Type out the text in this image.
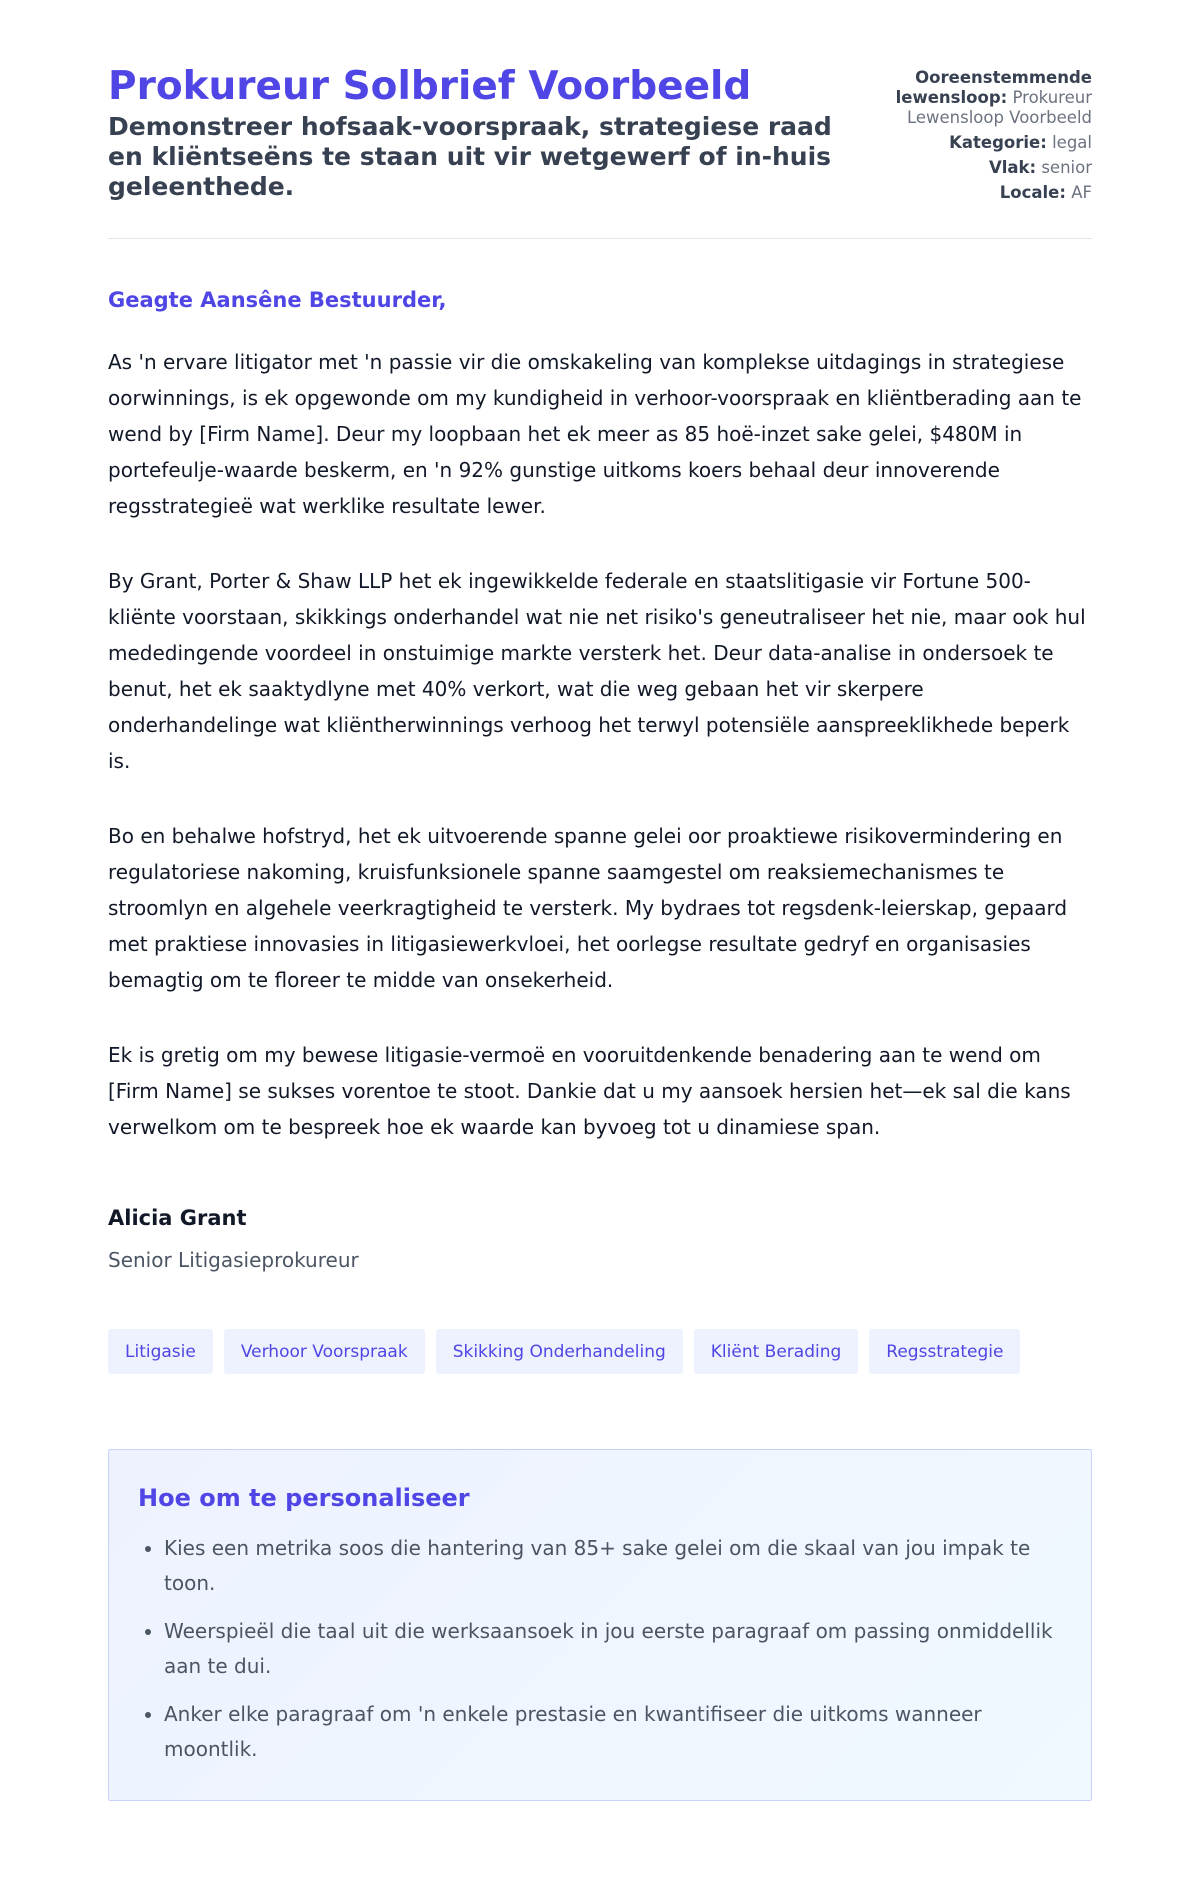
Prokureur Solbrief Voorbeeld
Demonstreer hofsaak-voorspraak, strategiese raad en kliëntseëns te staan uit vir wetgewerf of in-huis geleenthede.
Ooreenstemmende lewensloop: Prokureur Lewensloop Voorbeeld
Kategorie: legal
Vlak: senior
Locale: AF

Geagte Aansêne Bestuurder,

As 'n ervare litigator met 'n passie vir die omskakeling van komplekse uitdagings in strategiese oorwinnings, is ek opgewonde om my kundigheid in verhoor-voorspraak en kliëntberading aan te wend by [Firm Name]. Deur my loopbaan het ek meer as 85 hoë-inzet sake gelei, $480M in portefeulje-waarde beskerm, en 'n 92% gunstige uitkoms koers behaal deur innoverende regsstrategieë wat werklike resultate lewer.

By Grant, Porter & Shaw LLP het ek ingewikkelde federale en staatslitigasie vir Fortune 500-kliënte voorstaan, skikkings onderhandel wat nie net risiko's geneutraliseer het nie, maar ook hul mededingende voordeel in onstuimige markte versterk het. Deur data-analise in ondersoek te benut, het ek saaktydlyne met 40% verkort, wat die weg gebaan het vir skerpere onderhandelinge wat kliëntherwinnings verhoog het terwyl potensiële aanspreeklikhede beperk is.

Bo en behalwe hofstryd, het ek uitvoerende spanne gelei oor proaktiewe risikovermindering en regulatoriese nakoming, kruisfunksionele spanne saamgestel om reaksiemechanismes te stroomlyn en algehele veerkragtigheid te versterk. My bydraes tot regsdenk-leierskap, gepaard met praktiese innovasies in litigasiewerkvloei, het oorlegse resultate gedryf en organisasies bemagtig om te floreer te midde van onsekerheid.

Ek is gretig om my bewese litigasie-vermoë en vooruitdenkende benadering aan te wend om [Firm Name] se sukses vorentoe te stoot. Dankie dat u my aansoek hersien het—ek sal die kans verwelkom om te bespreek hoe ek waarde kan byvoeg tot u dinamiese span.

Alicia Grant
Senior Litigasieprokureur
Litigasie	Verhoor Voorspraak	Skikking Onderhandeling	Kliënt Berading	Regsstrategie
Hoe om te personaliseer
• Kies een metrika soos die hantering van 85+ sake gelei om die skaal van jou impak te toon.
• Weerspieël die taal uit die werksaansoek in jou eerste paragraaf om passing onmiddellik aan te dui.
• Anker elke paragraaf om 'n enkele prestasie en kwantifiseer die uitkoms wanneer moontlik.
